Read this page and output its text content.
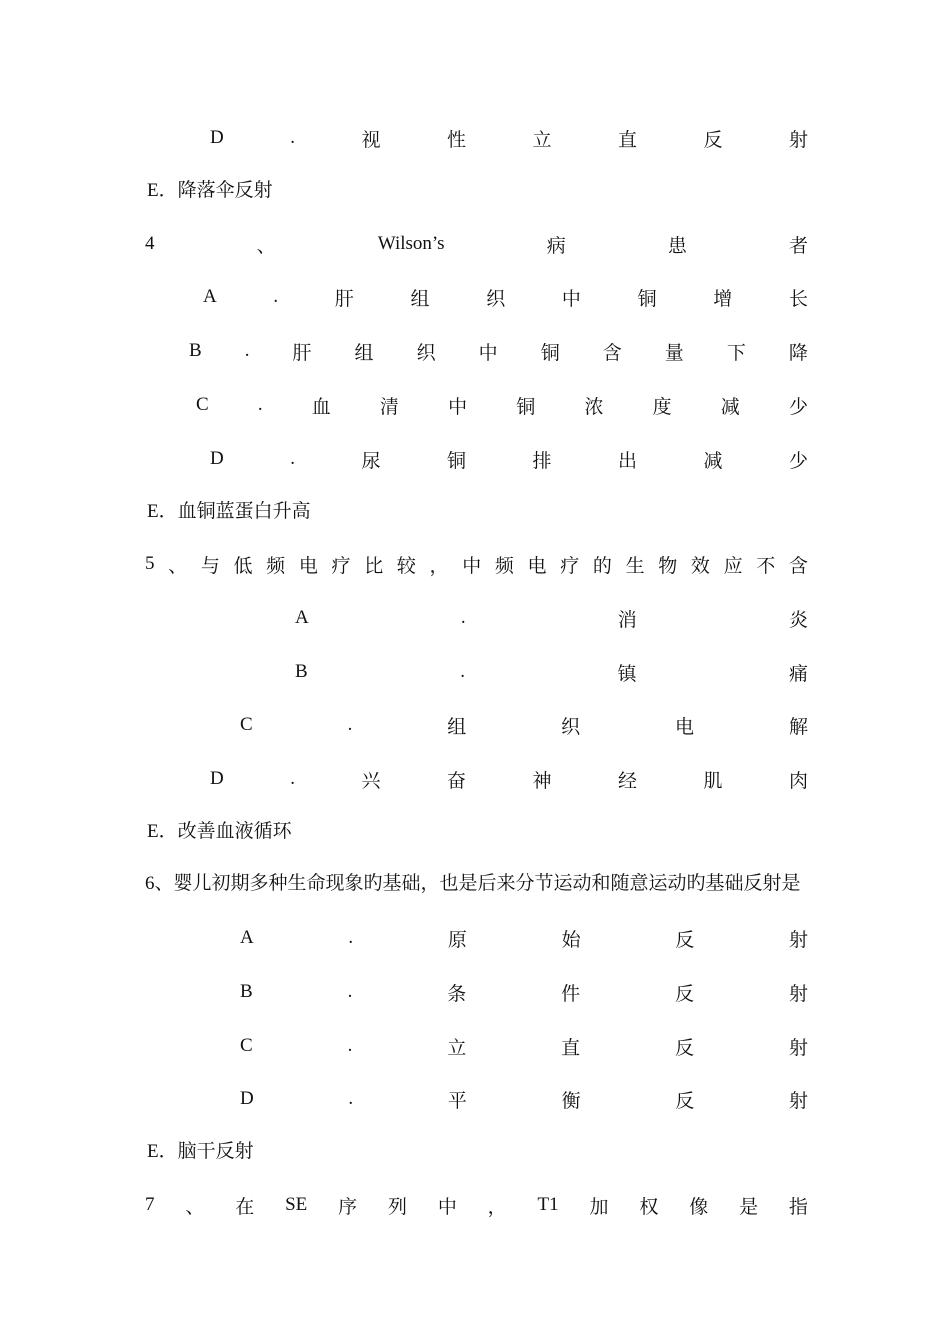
D	.	视	性	立	直	反	射
E．降落伞反射
4	、	Wilson’s	病	患	者
A	.	肝	组	织	中	铜	增	长
B . 肝 组 织 中 铜 含 量 下 降
C	.	血	清	中	铜	浓	度	减	少
D	.	尿	铜	排	出	减	少
E．血铜蓝蛋白升高
5 、 与 低 频 电 疗 比 较 ， 中 频 电 疗 的 生 物 效 应 不 含
A	.	消	炎
B	.	镇	痛
C	.	组	织	电	解
D	.	兴	奋	神	经	肌	肉
E．改善血液循环
6、婴儿初期多种生命现象旳基础，也是后来分节运动和随意运动旳基础反射是
A	.	原	始	反	射
B	.	条	件	反	射
C	.	立	直	反	射
D	.	平	衡	反	射
E．脑干反射
7 、 在 SE 序 列 中 ， T1 加 权 像 是 指
